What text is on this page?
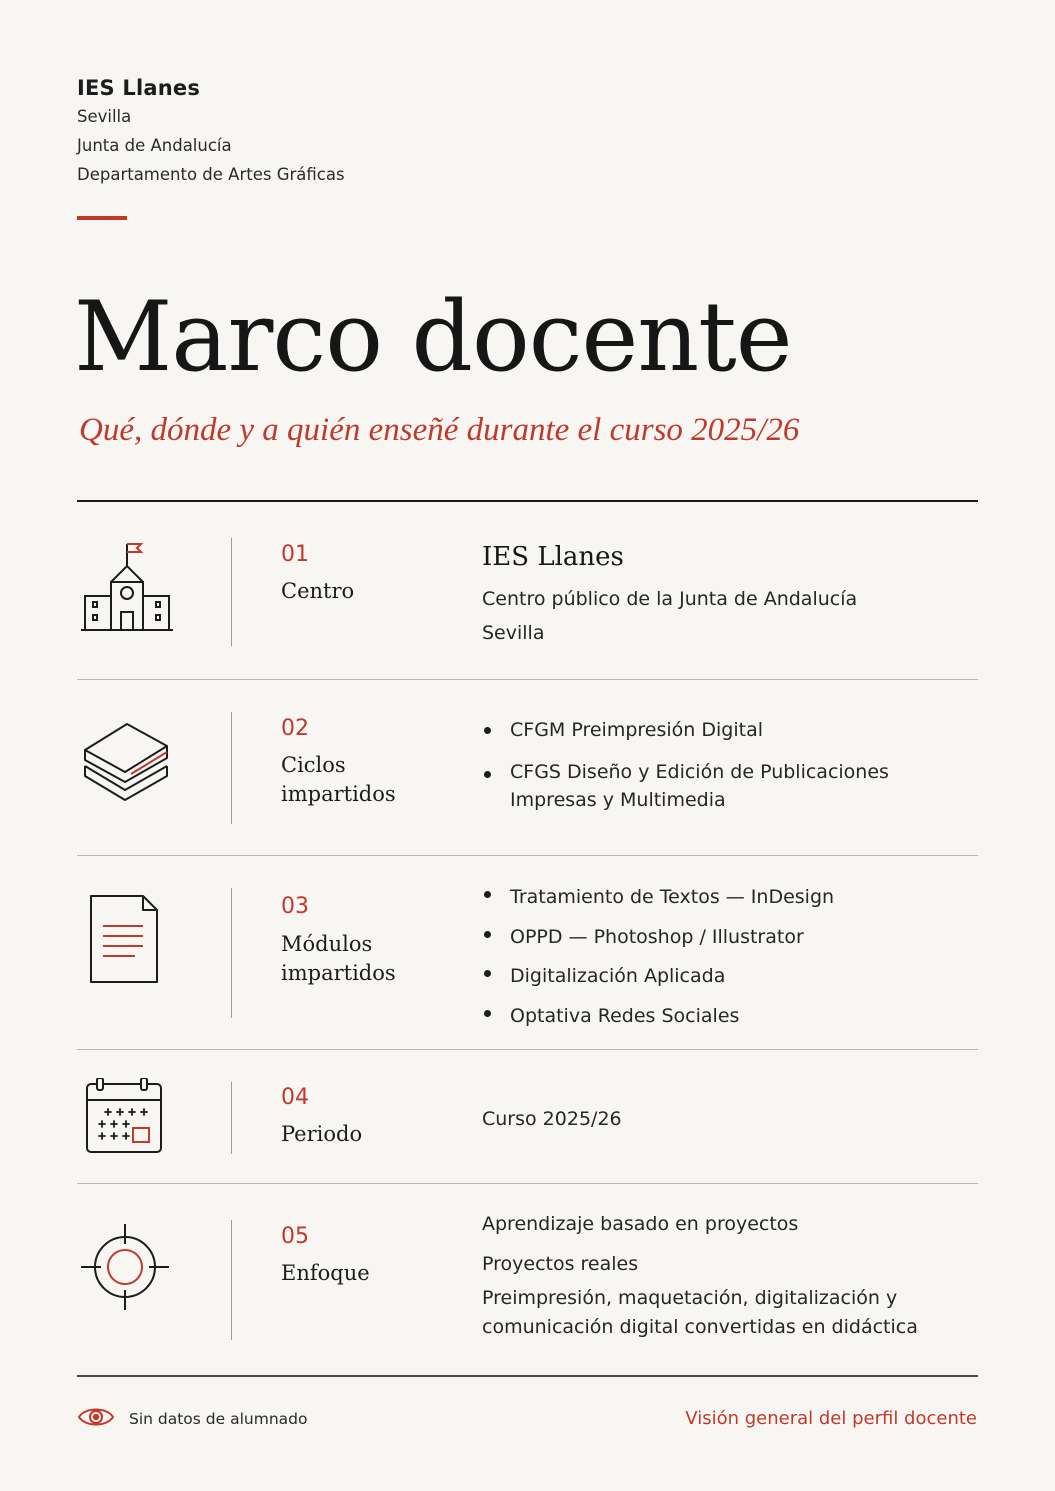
IES Llanes
Sevilla
Junta de Andalucía
Departamento de Artes Gráficas
Marco docente
Qué, dónde y a quién enseñé durante el curso 2025/26
01
Centro
IES Llanes
Centro público de la Junta de Andalucía
Sevilla
02
Ciclos impartidos
CFGM Preimpresión Digital
CFGS Diseño y Edición de Publicaciones Impresas y Multimedia
03
Módulos impartidos
Tratamiento de Textos — InDesign
OPPD — Photoshop / Illustrator
Digitalización Aplicada
Optativa Redes Sociales
04
Periodo
Curso 2025/26
05
Enfoque
Aprendizaje basado en proyectos
Proyectos reales
Preimpresión, maquetación, digitalización y comunicación digital convertidas en didáctica
Sin datos de alumnado	Visión general del perfil docente
